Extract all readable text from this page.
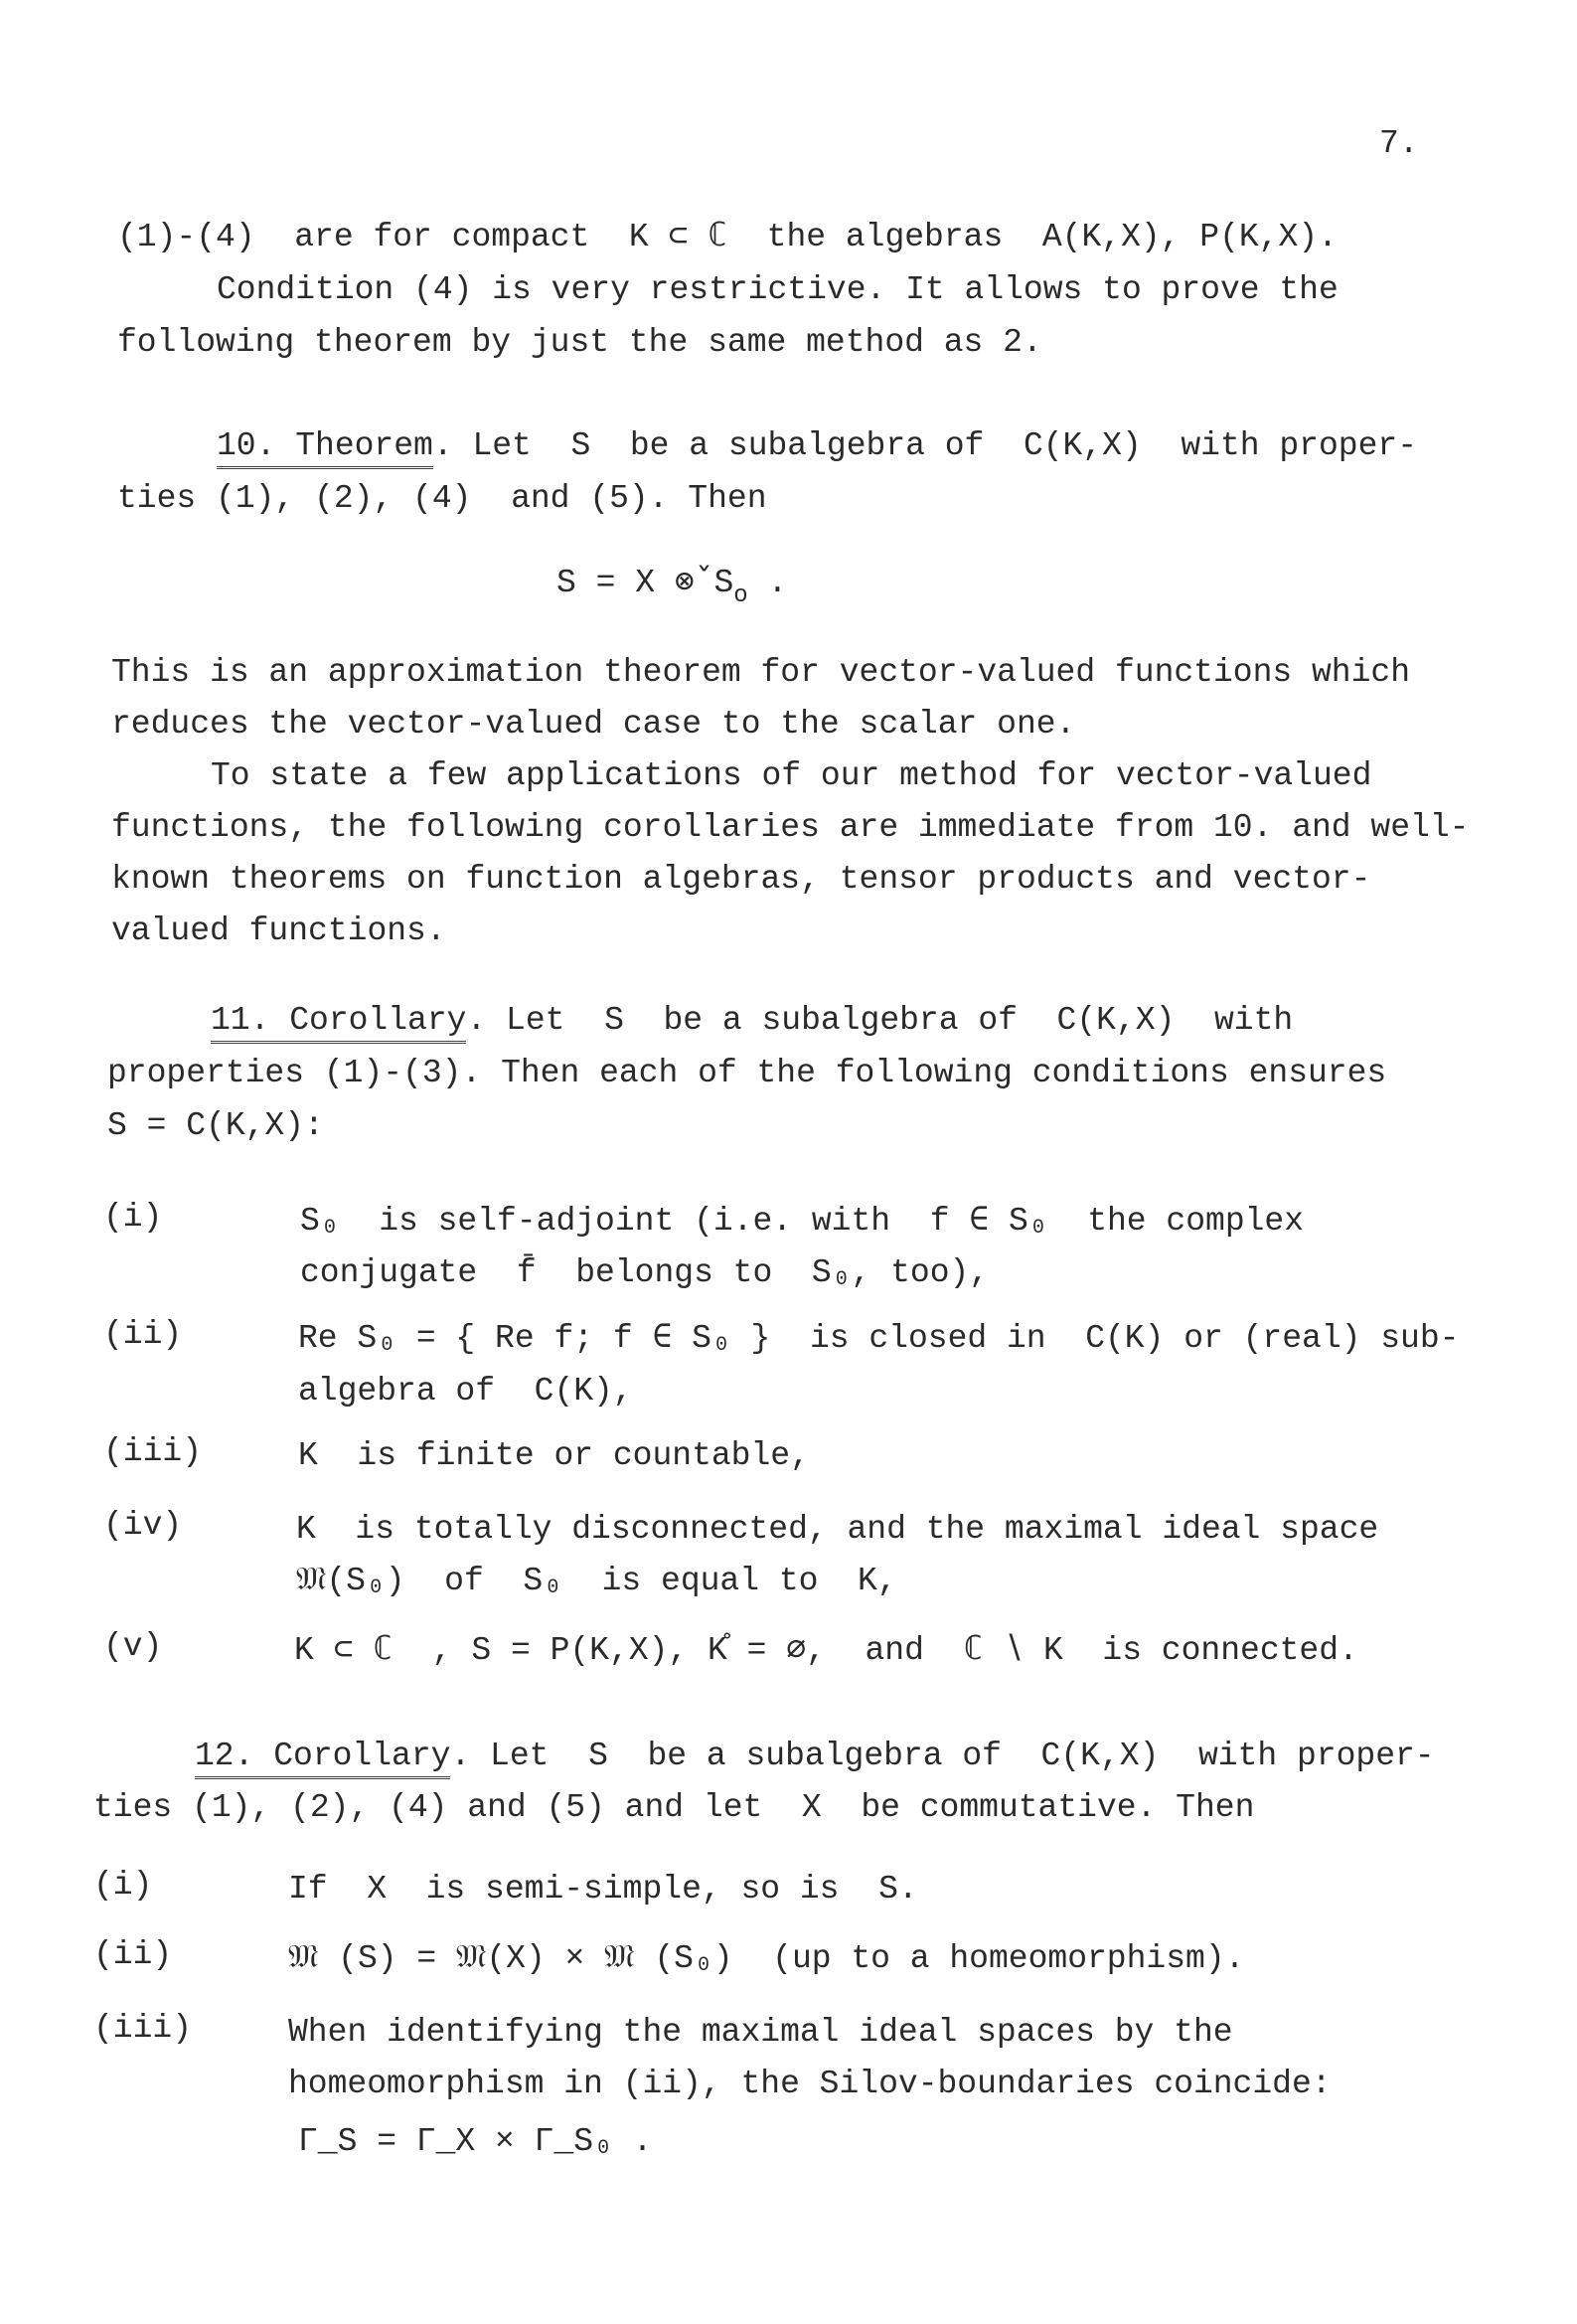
7.
(1)-(4)  are for compact  K ⊂ ℂ  the algebras  A(K,X), P(K,X).
Condition (4) is very restrictive. It allows to prove the
following theorem by just the same method as 2.
10. Theorem. Let  S  be a subalgebra of  C(K,X)  with proper-
ties (1), (2), (4)  and (5). Then
S = X ⊗̌ $S_o$ .
This is an approximation theorem for vector-valued functions which
reduces the vector-valued case to the scalar one.
To state a few applications of our method for vector-valued
functions, the following corollaries are immediate from 10. and well-
known theorems on function algebras, tensor products and vector-
valued functions.
11. Corollary. Let  S  be a subalgebra of  C(K,X)  with
properties (1)-(3). Then each of the following conditions ensures
S = C(K,X):
(i)	S₀  is self-adjoint (i.e. with  f ∈ S₀  the complex
conjugate  f̄  belongs to  S₀, too),
(ii)	Re S₀ = { Re f; f ∈ S₀ }  is closed in  C(K) or (real) sub-
algebra of  C(K),
(iii)	K  is finite or countable,
(iv)	K  is totally disconnected, and the maximal ideal space
𝔐(S₀)  of  S₀  is equal to  K,
(v)	K ⊂ ℂ  , S = P(K,X), K̊ = ∅,  and  ℂ ∖ K  is connected.
12. Corollary. Let  S  be a subalgebra of  C(K,X)  with proper-
ties (1), (2), (4) and (5) and let  X  be commutative. Then
(i)	If  X  is semi-simple, so is  S.
(ii)	𝔐 (S) = 𝔐(X) × 𝔐 (S₀)  (up to a homeomorphism).
(iii)	When identifying the maximal ideal spaces by the
homeomorphism in (ii), the Silov-boundaries coincide:
Γ_S = Γ_X × Γ_S₀ .
